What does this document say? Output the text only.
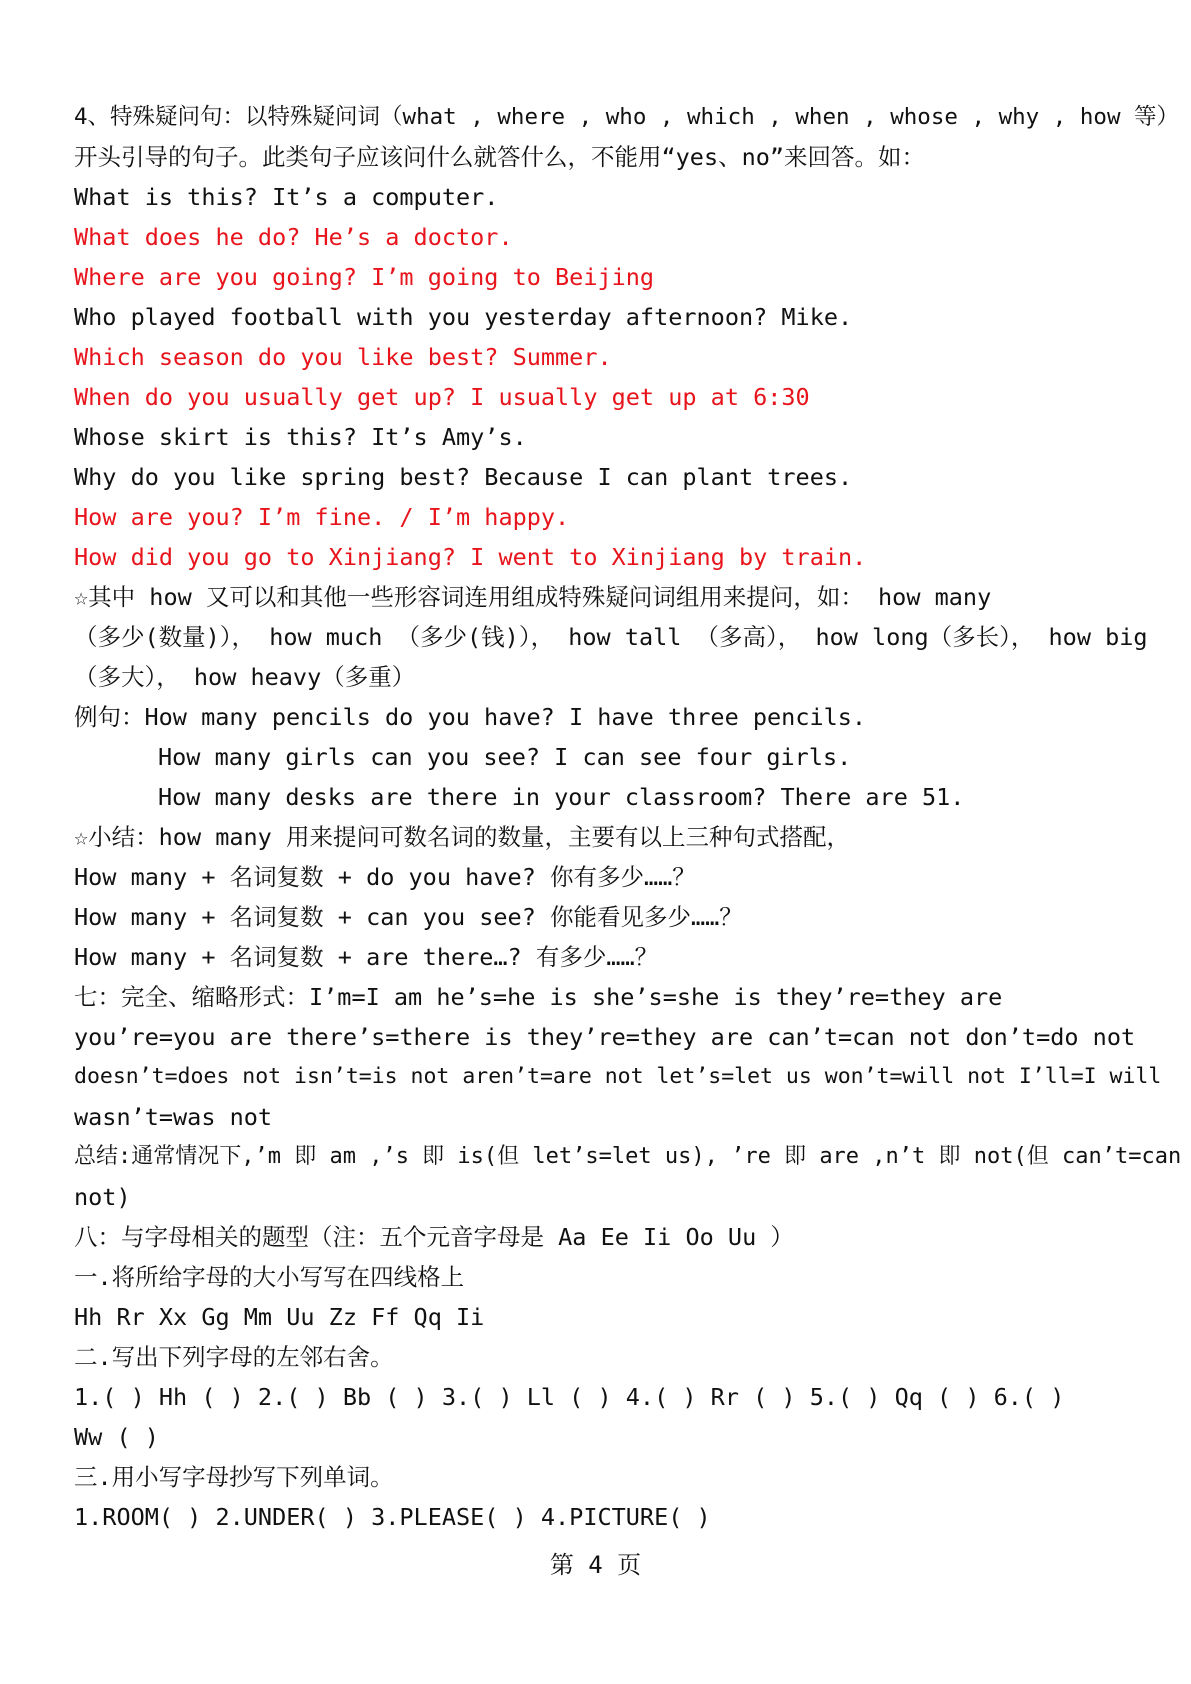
4、特殊疑问句：以特殊疑问词（what , where , who , which , when , whose , why , how 等）
开头引导的句子。此类句子应该问什么就答什么，不能用“yes、no”来回答。如：
What is this? It’s a computer.
What does he do? He’s a doctor.
Where are you going? I’m going to Beijing
Who played football with you yesterday afternoon? Mike.
Which season do you like best? Summer.
When do you usually get up? I usually get up at 6:30
Whose skirt is this? It’s Amy’s.
Why do you like spring best? Because I can plant trees.
How are you? I’m fine. / I’m happy.
How did you go to Xinjiang? I went to Xinjiang by train.
☆其中 how 又可以和其他一些形容词连用组成特殊疑问词组用来提问，如： how many
（多少(数量)）， how much （多少(钱)）， how tall （多高）， how long（多长）， how big
（多大）， how heavy（多重）
例句：How many pencils do you have? I have three pencils.
How many girls can you see? I can see four girls.
How many desks are there in your classroom? There are 51.
☆小结：how many 用来提问可数名词的数量，主要有以上三种句式搭配，
How many + 名词复数 + do you have? 你有多少……？
How many + 名词复数 + can you see? 你能看见多少……？
How many + 名词复数 + are there…? 有多少……？
七：完全、缩略形式：I’m=I am he’s=he is she’s=she is they’re=they are
you’re=you are there’s=there is they’re=they are can’t=can not don’t=do not
doesn’t=does not isn’t=is not aren’t=are not let’s=let us won’t=will not I’ll=I will
wasn’t=was not
总结:通常情况下,’m 即 am ,’s 即 is(但 let’s=let us), ’re 即 are ,n’t 即 not(但 can’t=can
not)
八：与字母相关的题型（注：五个元音字母是 Aa Ee Ii Oo Uu ）
一.将所给字母的大小写写在四线格上
Hh Rr Xx Gg Mm Uu Zz Ff Qq Ii
二.写出下列字母的左邻右舍。
1.( ) Hh ( ) 2.( ) Bb ( ) 3.( ) Ll ( ) 4.( ) Rr ( ) 5.( ) Qq ( ) 6.( )
Ww ( )
三.用小写字母抄写下列单词。
1.ROOM( ) 2.UNDER( ) 3.PLEASE( ) 4.PICTURE( )
第 4 页
